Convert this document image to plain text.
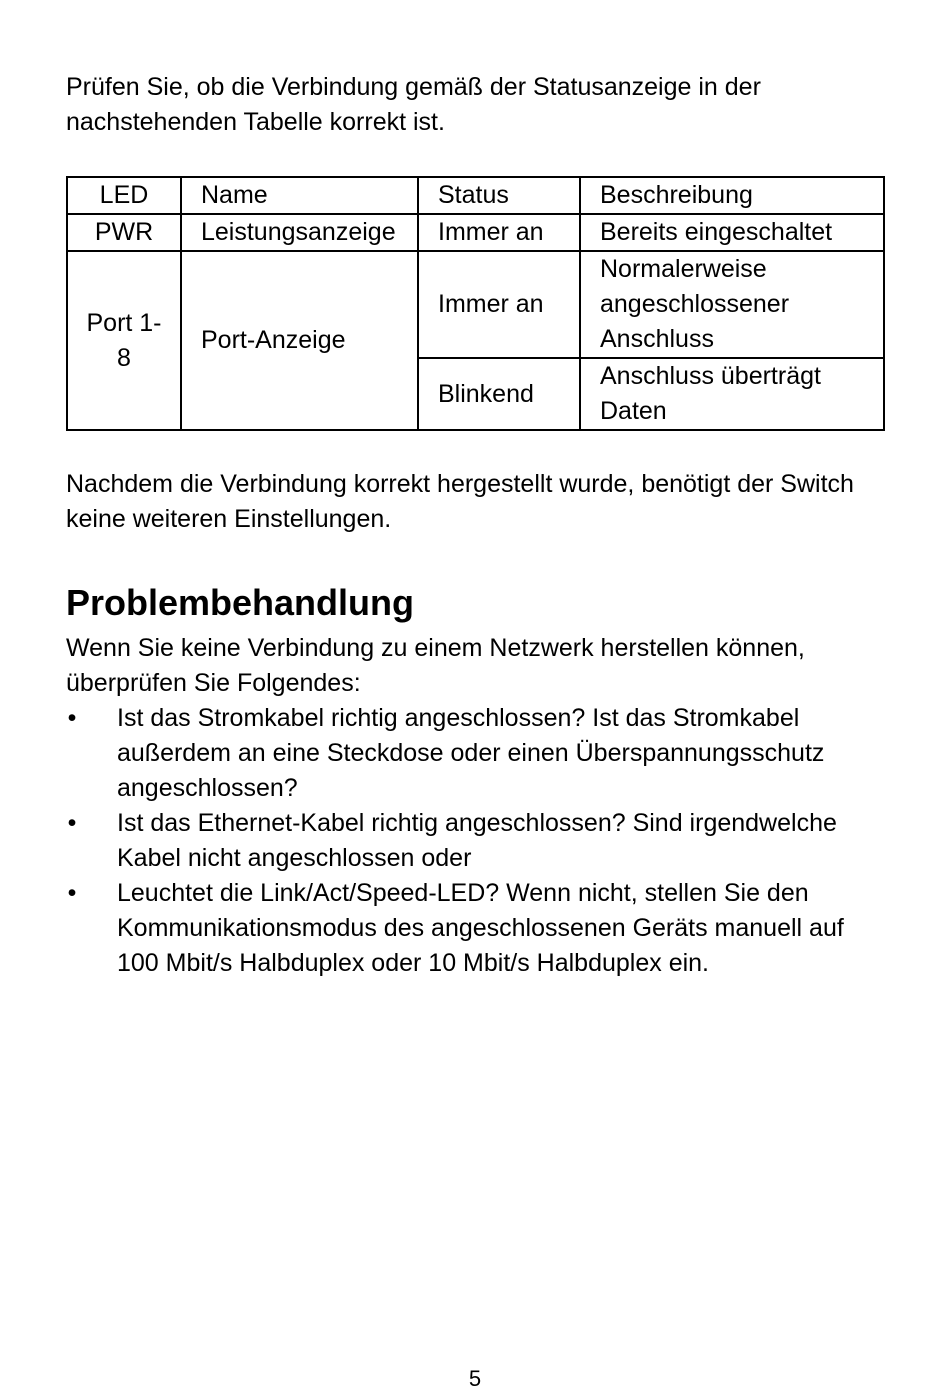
Prüfen Sie, ob die Verbindung gemäß der Statusanzeige in der nachstehenden Tabelle korrekt ist.

LED	Name	Status	Beschreibung
PWR	Leistungsanzeige	Immer an	Bereits eingeschaltet
Port 1-8	Port-Anzeige	Immer an	Normalerweise angeschlossener Anschluss
		Blinkend	Anschluss überträgt Daten

Nachdem die Verbindung korrekt hergestellt wurde, benötigt der Switch keine weiteren Einstellungen.

Problembehandlung

Wenn Sie keine Verbindung zu einem Netzwerk herstellen können, überprüfen Sie Folgendes:

• Ist das Stromkabel richtig angeschlossen? Ist das Stromkabel außerdem an eine Steckdose oder einen Überspannungsschutz angeschlossen?
• Ist das Ethernet-Kabel richtig angeschlossen? Sind irgendwelche Kabel nicht angeschlossen oder
• Leuchtet die Link/Act/Speed-LED? Wenn nicht, stellen Sie den Kommunikationsmodus des angeschlossenen Geräts manuell auf 100 Mbit/s Halbduplex oder 10 Mbit/s Halbduplex ein.
5
